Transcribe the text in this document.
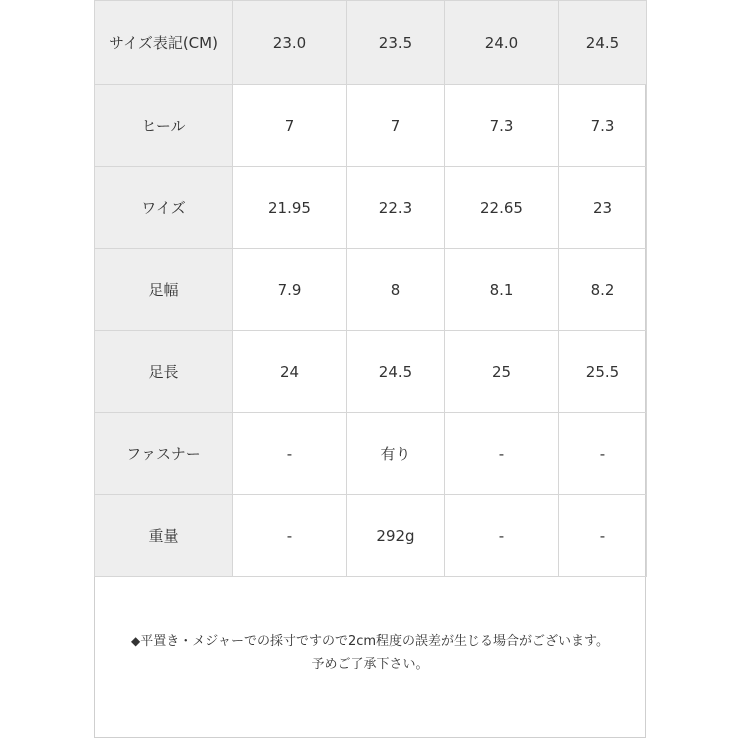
サイズ表記(CM)	23.0	23.5	24.0	24.5
ヒール	7	7	7.3	7.3
ワイズ	21.95	22.3	22.65	23
足幅	7.9	8	8.1	8.2
足長	24	24.5	25	25.5
ファスナー	-	有り	-	-
重量	-	292g	-	-
◆平置き・メジャーでの採寸ですので2cm程度の誤差が生じる場合がございます。
予めご了承下さい。
